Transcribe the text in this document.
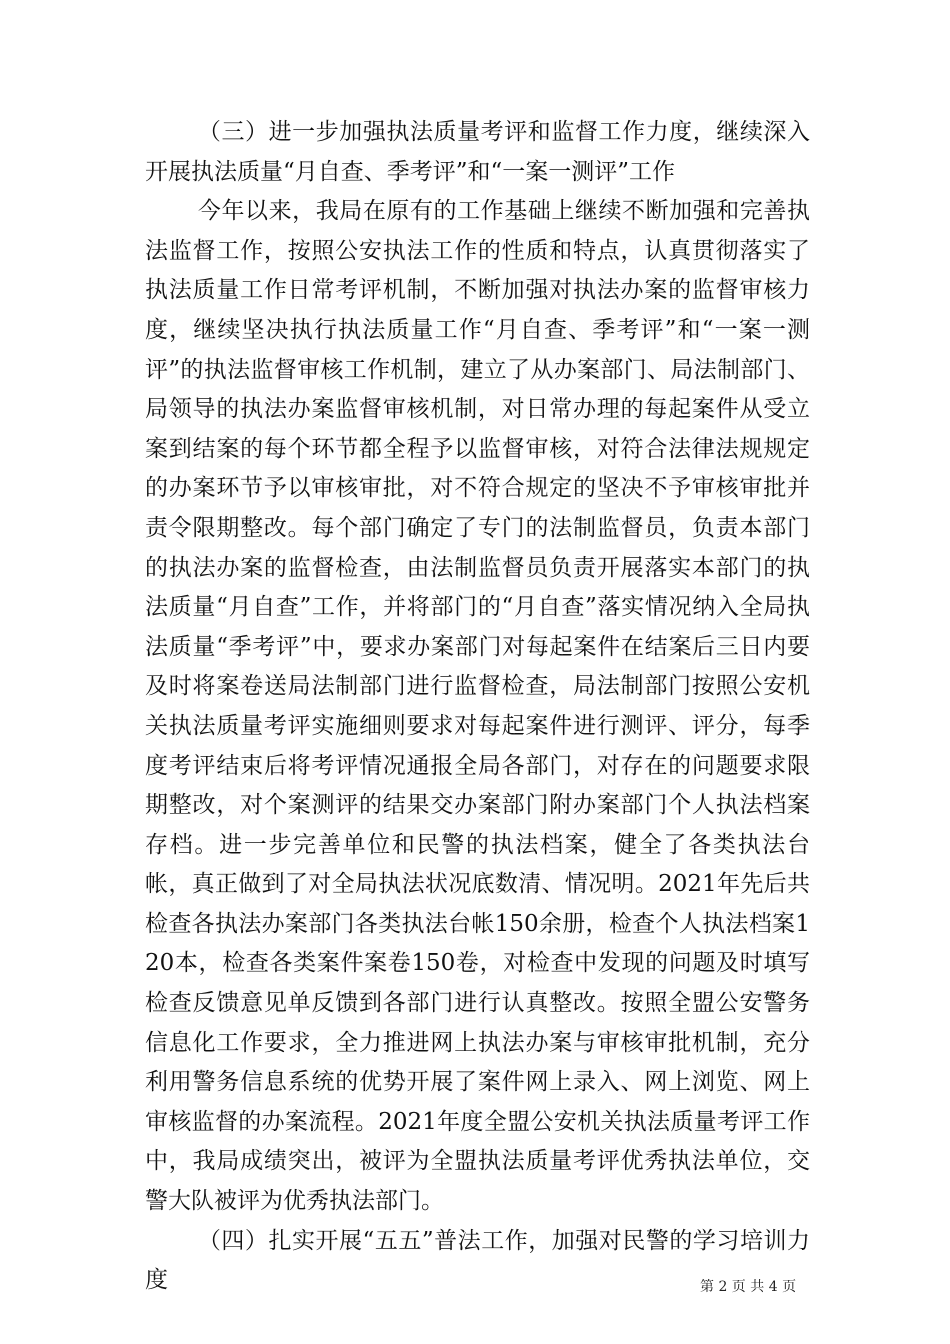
（三）进一步加强执法质量考评和监督工作力度，继续深入开展执法质量“月自查、季考评”和“一案一测评”工作

今年以来，我局在原有的工作基础上继续不断加强和完善执法监督工作，按照公安执法工作的性质和特点，认真贯彻落实了执法质量工作日常考评机制，不断加强对执法办案的监督审核力度，继续坚决执行执法质量工作“月自查、季考评”和“一案一测评”的执法监督审核工作机制，建立了从办案部门、局法制部门、局领导的执法办案监督审核机制，对日常办理的每起案件从受立案到结案的每个环节都全程予以监督审核，对符合法律法规规定的办案环节予以审核审批，对不符合规定的坚决不予审核审批并责令限期整改。每个部门确定了专门的法制监督员，负责本部门的执法办案的监督检查，由法制监督员负责开展落实本部门的执法质量“月自查”工作，并将部门的“月自查”落实情况纳入全局执法质量“季考评”中，要求办案部门对每起案件在结案后三日内要及时将案卷送局法制部门进行监督检查，局法制部门按照公安机关执法质量考评实施细则要求对每起案件进行测评、评分，每季度考评结束后将考评情况通报全局各部门，对存在的问题要求限期整改，对个案测评的结果交办案部门附办案部门个人执法档案存档。进一步完善单位和民警的执法档案，健全了各类执法台帐，真正做到了对全局执法状况底数清、情况明。2021年先后共检查各执法办案部门各类执法台帐150余册，检查个人执法档案120本，检查各类案件案卷150卷，对检查中发现的问题及时填写检查反馈意见单反馈到各部门进行认真整改。按照全盟公安警务信息化工作要求，全力推进网上执法办案与审核审批机制，充分利用警务信息系统的优势开展了案件网上录入、网上浏览、网上审核监督的办案流程。2021年度全盟公安机关执法质量考评工作中，我局成绩突出，被评为全盟执法质量考评优秀执法单位，交警大队被评为优秀执法部门。

（四）扎实开展“五五”普法工作，加强对民警的学习培训力度	第 2 页 共 4 页
